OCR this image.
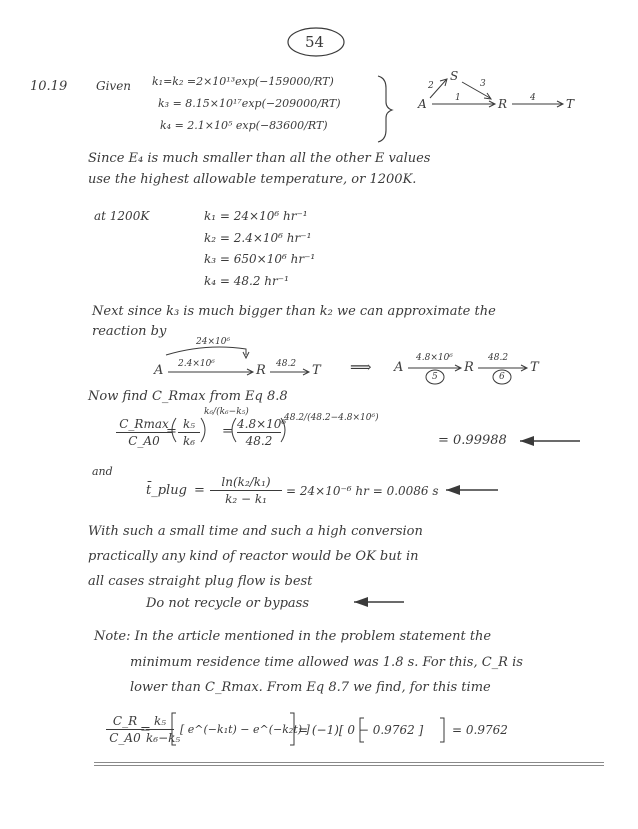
54
10.19 Given k₁=k₂ =2×10¹³exp(−159000/RT)
k₃ = 8.15×10¹⁷exp(−209000/RT)
k₄ = 2.1×10⁵ exp(−83600/RT)
A
S
R	T
1
2	3
4
Since E₄ is much smaller than all the other E values
use the highest allowable temperature, or 1200K.
at 1200K	k₁ = 24×10⁶ hr⁻¹
k₂ = 2.4×10⁶ hr⁻¹
k₃ = 650×10⁶ hr⁻¹
k₄ = 48.2 hr⁻¹
Next since k₃ is much bigger than k₂ we can approximate the
reaction by
24×10⁶
A 2.4×10⁶	R 48.2 T ⟹ A
4.8×10⁶
R
48.2
T
5	6
Now find C_Rmax from Eq 8.8
C_Rmax
C_A0
= k₅
k₆
k₆/(k₆−k₅)
= 4.8×10⁶
48.2
48.2/(48.2−4.8×10⁶)
= 0.99988
and
t̄_plug =
ln(k₂/k₁)
k₂ − k₁
= 24×10⁻⁶ hr = 0.0086 s
With such a small time and such a high conversion
practically any kind of reactor would be OK but in
all cases straight plug flow is best
Do not recycle or bypass
Note: In the article mentioned in the problem statement the
minimum residence time allowed was 1.8 s. For this, C_R is
lower than C_Rmax. From Eq 8.7 we find, for this time
C_R
C_A0
=
k₅
k₆−k₅
[ e^(−k₁t) − e^(−k₂t) ]
= (−1)[ 0 − 0.9762 ] = 0.9762
